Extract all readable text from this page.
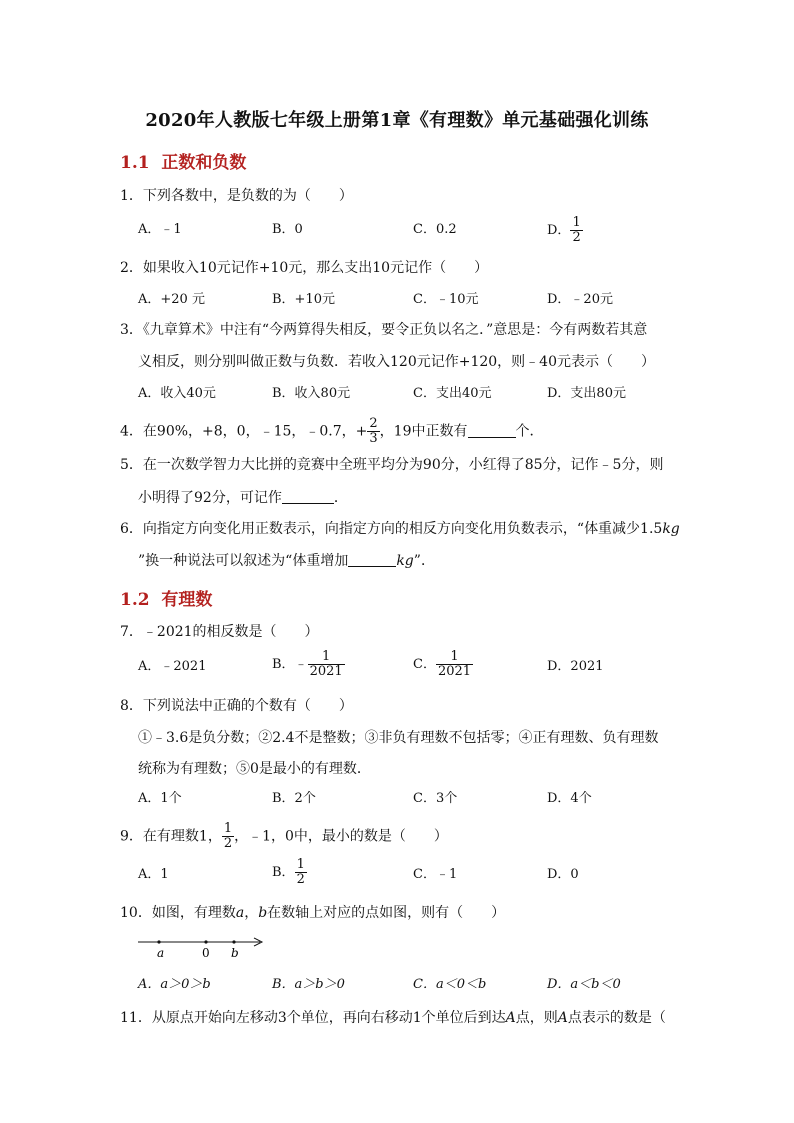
2020年人教版七年级上册第1章《有理数》单元基础强化训练
1.1 正数和负数
1．下列各数中，是负数的为（　　）
A．﹣1	B．0	C．0.2	D． $\frac{1}{2}$
2．如果收入10元记作+10元，那么支出10元记作（　　）
A．+20 元	B．+10元	C．﹣10元	D．﹣20元
3．《九章算术》中注有“今两算得失相反，要令正负以名之．”意思是：今有两数若其意
义相反，则分别叫做正数与负数．若收入120元记作+120，则﹣40元表示（　　）
A．收入40元	B．收入80元	C．支出40元	D．支出80元
4．在90%，+8，0，﹣15，﹣0.7，+ $\frac{2}{3}$ ，19中正数有	个．
5．在一次数学智力大比拼的竞赛中全班平均分为90分，小红得了85分，记作﹣5分，则
小明得了92分，可记作	．
6．向指定方向变化用正数表示，向指定方向的相反方向变化用负数表示，“体重减少1.5kg
”换一种说法可以叙述为“体重增加	kg”．
1.2 有理数
7．﹣2021的相反数是（　　）
A．﹣2021	B．﹣ $\frac{1}{2021}$	C． $\frac{1}{2021}$	D．2021
8．下列说法中正确的个数有（　　）
①﹣3.6是负分数；②2.4不是整数；③非负有理数不包括零；④正有理数、负有理数
统称为有理数；⑤0是最小的有理数．
A．1个	B．2个	C．3个	D．4个
9．在有理数1， $\frac{1}{2}$ ，﹣1，0中，最小的数是（　　）
A．1	B． $\frac{1}{2}$	C．﹣1	D．0
10．如图，有理数a，b在数轴上对应的点如图，则有（　　）
a	0 b
A．a＞0＞b	B．a＞b＞0	C．a＜0＜b	D．a＜b＜0
11．从原点开始向左移动3个单位，再向右移动1个单位后到达A点，则A点表示的数是（
